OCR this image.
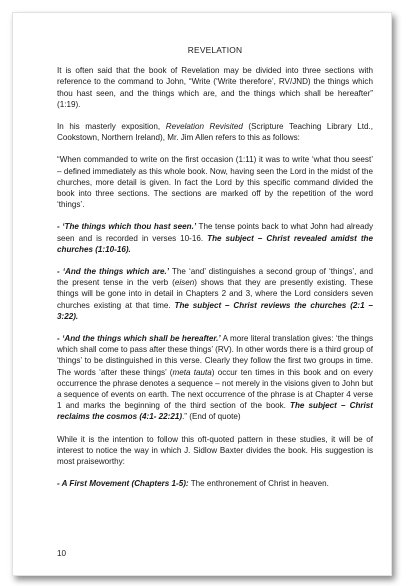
REVELATION

It is often said that the book of Revelation may be divided into three sections with reference to the command to John, “Write (‘Write therefore’, RV/JND) the things which thou hast seen, and the things which are, and the things which shall be hereafter” (1:19).

In his masterly exposition, Revelation Revisited (Scripture Teaching Library Ltd., Cookstown, Northern Ireland), Mr. Jim Allen refers to this as follows:

“When commanded to write on the first occasion (1:11) it was to write ‘what thou seest’ – defined immediately as this whole book. Now, having seen the Lord in the midst of the churches, more detail is given. In fact the Lord by this specific command divided the book into three sections. The sections are marked off by the repetition of the word ‘things’.

- ‘The things which thou hast seen.’ The tense points back to what John had already seen and is recorded in verses 10-16. The subject – Christ revealed amidst the churches (1:10-16).

- ‘And the things which are.’ The ‘and’ distinguishes a second group of ‘things’, and the present tense in the verb (eisen) shows that they are presently existing. These things will be gone into in detail in Chapters 2 and 3, where the Lord considers seven churches existing at that time. The subject – Christ reviews the churches (2:1 – 3:22).

- ‘And the things which shall be hereafter.’ A more literal translation gives: ‘the things which shall come to pass after these things’ (RV). In other words there is a third group of ‘things’ to be distinguished in this verse. Clearly they follow the first two groups in time. The words ‘after these things’ (meta tauta) occur ten times in this book and on every occurrence the phrase denotes a sequence – not merely in the visions given to John but a sequence of events on earth. The next occurrence of the phrase is at Chapter 4 verse 1 and marks the beginning of the third section of the book. The subject – Christ reclaims the cosmos (4:1- 22:21).” (End of quote)

While it is the intention to follow this oft-quoted pattern in these studies, it will be of interest to notice the way in which J. Sidlow Baxter divides the book. His suggestion is most praiseworthy:

- A First Movement (Chapters 1-5): The enthronement of Christ in heaven.

10
